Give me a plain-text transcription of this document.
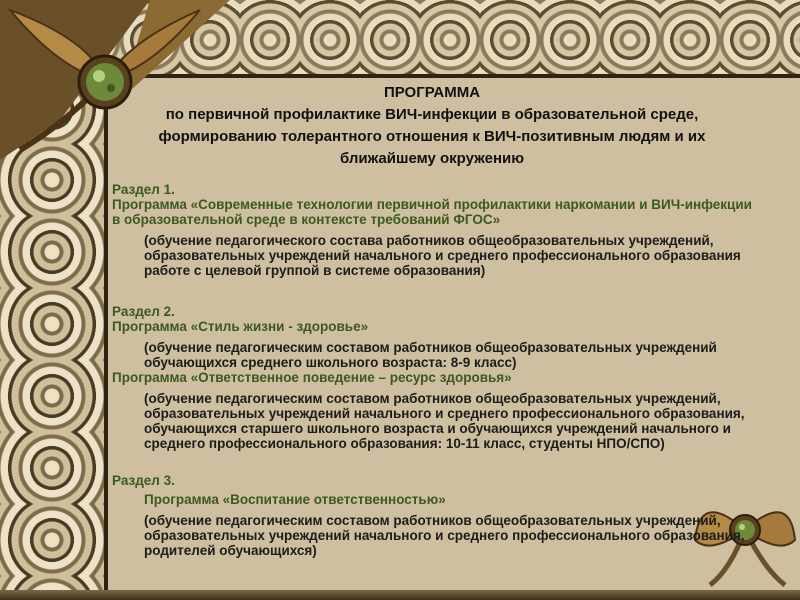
ПРОГРАММА
по первичной профилактике ВИЧ-инфекции в образовательной среде, формированию толерантного отношения к ВИЧ-позитивным людям и их ближайшему окружению

Раздел 1.

Программа «Современные технологии первичной профилактики наркомании и ВИЧ-инфекции в образовательной среде в контексте требований ФГОС»

(обучение педагогического состава работников общеобразовательных учреждений, образовательных учреждений начального и среднего профессионального образования работе с целевой группой в системе образования)

Раздел 2.

Программа «Стиль жизни - здоровье»

(обучение педагогическим составом работников общеобразовательных учреждений обучающихся среднего школьного возраста: 8-9 класс)

Программа «Ответственное поведение – ресурс здоровья»

(обучение педагогическим составом работников общеобразовательных учреждений, образовательных учреждений начального и среднего профессионального образования, обучающихся старшего школьного возраста и обучающихся учреждений начального и среднего профессионального образования: 10-11 класс, студенты НПО/СПО)

Раздел 3.

Программа «Воспитание ответственностью»

(обучение педагогическим составом работников общеобразовательных учреждений, образовательных учреждений начального и среднего профессионального образования, родителей обучающихся)
